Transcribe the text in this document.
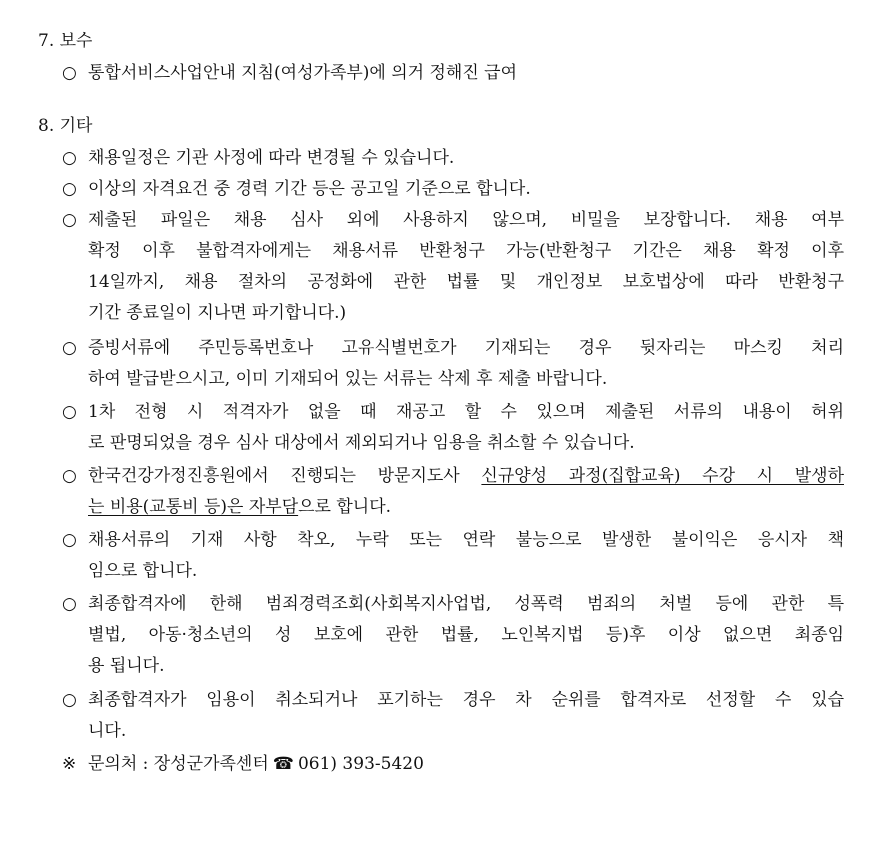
7. 보수
○ 통합서비스사업안내 지침(여성가족부)에 의거 정해진 급여
8. 기타
○ 채용일정은 기관 사정에 따라 변경될 수 있습니다.
○ 이상의 자격요건 중 경력 기간 등은 공고일 기준으로 합니다.
○ 제출된 파일은 채용 심사 외에 사용하지 않으며, 비밀을 보장합니다. 채용 여부
확정 이후 불합격자에게는 채용서류 반환청구 가능(반환청구 기간은 채용 확정 이후
14일까지, 채용 절차의 공정화에 관한 법률 및 개인정보 보호법상에 따라 반환청구
기간 종료일이 지나면 파기합니다.)
○ 증빙서류에 주민등록번호나 고유식별번호가 기재되는 경우 뒷자리는 마스킹 처리
하여 발급받으시고, 이미 기재되어 있는 서류는 삭제 후 제출 바랍니다.
○ 1차 전형 시 적격자가 없을 때 재공고 할 수 있으며 제출된 서류의 내용이 허위
로 판명되었을 경우 심사 대상에서 제외되거나 임용을 취소할 수 있습니다.
○ 한국건강가정진흥원에서 진행되는 방문지도사 신규양성 과정(집합교육) 수강 시 발생하
는 비용(교통비 등)은 자부담으로 합니다.
○ 채용서류의 기재 사항 착오, 누락 또는 연락 불능으로 발생한 불이익은 응시자 책
임으로 합니다.
○ 최종합격자에 한해 범죄경력조회(사회복지사업법, 성폭력 범죄의 처벌 등에 관한 특
별법, 아동·청소년의 성 보호에 관한 법률, 노인복지법 등)후 이상 없으면 최종임
용 됩니다.
○ 최종합격자가 임용이 취소되거나 포기하는 경우 차 순위를 합격자로 선정할 수 있습
니다.
※ 문의처 : 장성군가족센터 ☎ 061) 393-5420
